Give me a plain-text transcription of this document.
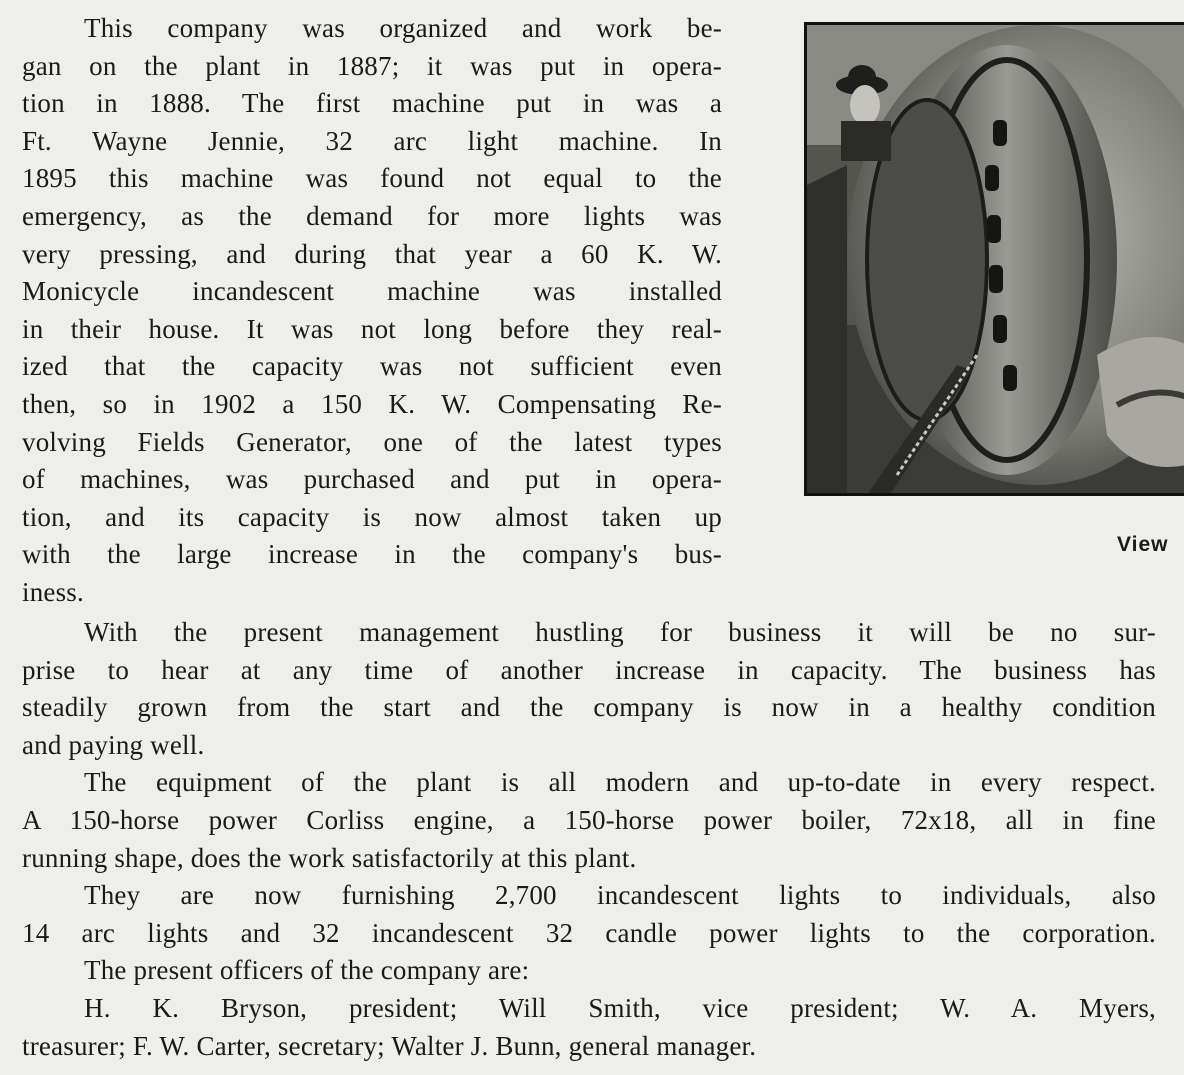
This company was organized and work be-
gan on the plant in 1887; it was put in opera-
tion in 1888. The first machine put in was a
Ft. Wayne Jennie, 32 arc light machine. In
1895 this machine was found not equal to the
emergency, as the demand for more lights was
very pressing, and during that year a 60 K. W.
Monicycle incandescent machine was installed
in their house. It was not long before they real-
ized that the capacity was not sufficient even
then, so in 1902 a 150 K. W. Compensating Re-
volving Fields Generator, one of the latest types
of machines, was purchased and put in opera-
tion, and its capacity is now almost taken up
with the large increase in the company's bus-
iness.
View
With the present management hustling for business it will be no sur-
prise to hear at any time of another increase in capacity. The business has
steadily grown from the start and the company is now in a healthy condition
and paying well.
The equipment of the plant is all modern and up-to-date in every respect.
A 150-horse power Corliss engine, a 150-horse power boiler, 72x18, all in fine
running shape, does the work satisfactorily at this plant.
They are now furnishing 2,700 incandescent lights to individuals, also
14 arc lights and 32 incandescent 32 candle power lights to the corporation.
The present officers of the company are:
H. K. Bryson, president; Will Smith, vice president; W. A. Myers,
treasurer; F. W. Carter, secretary; Walter J. Bunn, general manager.
